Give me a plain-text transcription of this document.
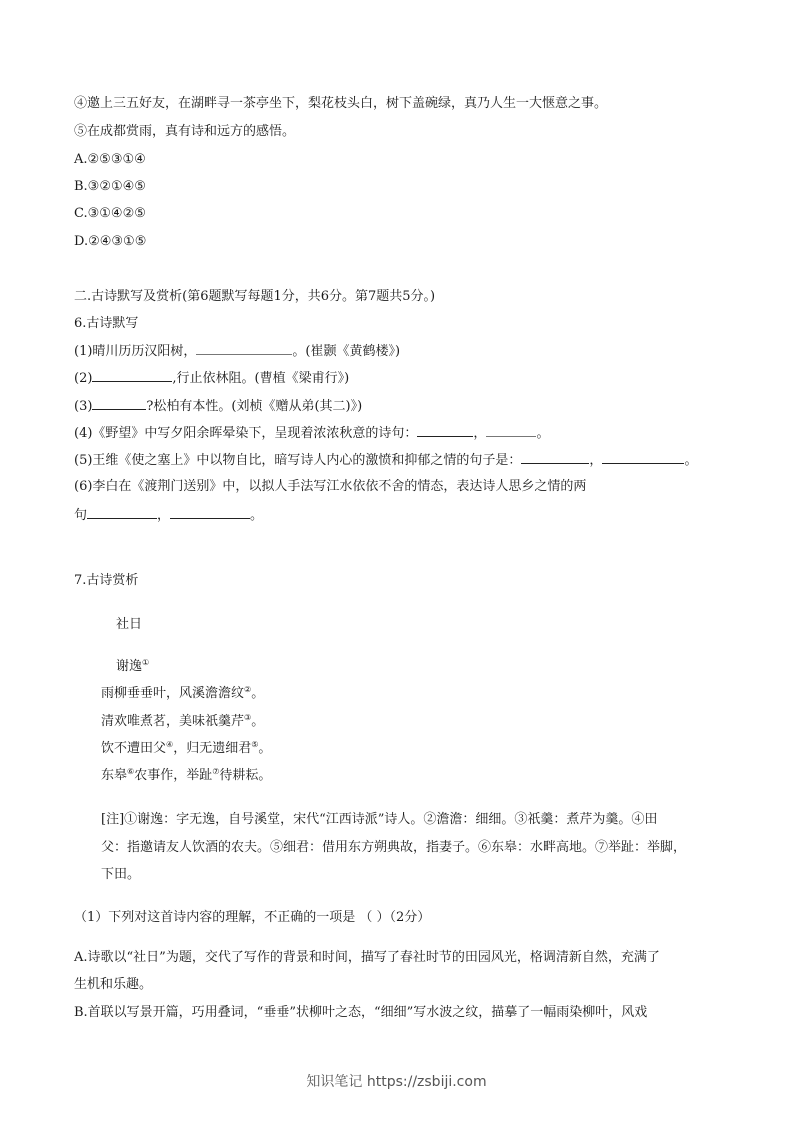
④邀上三五好友，在湖畔寻一茶亭坐下，梨花枝头白，树下盖碗绿，真乃人生一大惬意之事。
⑤在成都赏雨，真有诗和远方的感悟。
A.②⑤③①④
B.③②①④⑤
C.③①④②⑤
D.②④③①⑤
二.古诗默写及赏析(第6题默写每题1分，共6分。第7题共5分。)
6.古诗默写
(1)晴川历历汉阳树，	。(崔颢《黄鹤楼》)
(2)	,行止依林阻。(曹植《梁甫行》)
(3)	?松柏有本性。(刘桢《赠从弟(其二)》)
(4)《野望》中写夕阳余晖晕染下，呈现着浓浓秋意的诗句：	，	。
(5)王维《使之塞上》中以物自比，暗写诗人内心的激愤和抑郁之情的句子是：	，	。
(6)李白在《渡荆门送别》中，以拟人手法写江水依依不舍的情态，表达诗人思乡之情的两
句	，	。
7.古诗赏析
社日
谢逸①
雨柳垂垂叶，风溪澹澹纹②。
清欢唯煮茗，美味祇羹芹③。
饮不遭田父④，归无遗细君⑤。
东皋⑥农事作，举趾⑦待耕耘。
[注]①谢逸：字无逸，自号溪堂，宋代“江西诗派”诗人。②澹澹：细细。③祇羹：煮芹为羹。④田
父：指邀请友人饮酒的农夫。⑤细君：借用东方朔典故，指妻子。⑥东皋：水畔高地。⑦举趾：举脚，
下田。
（1）下列对这首诗内容的理解，不正确的一项是 （ ）（2分）
A.诗歌以“社日”为题，交代了写作的背景和时间，描写了春社时节的田园风光，格调清新自然，充满了
生机和乐趣。
B.首联以写景开篇，巧用叠词，“垂垂”状柳叶之态，“细细”写水波之纹，描摹了一幅雨染柳叶，风戏
知识笔记 https://zsbiji.com
